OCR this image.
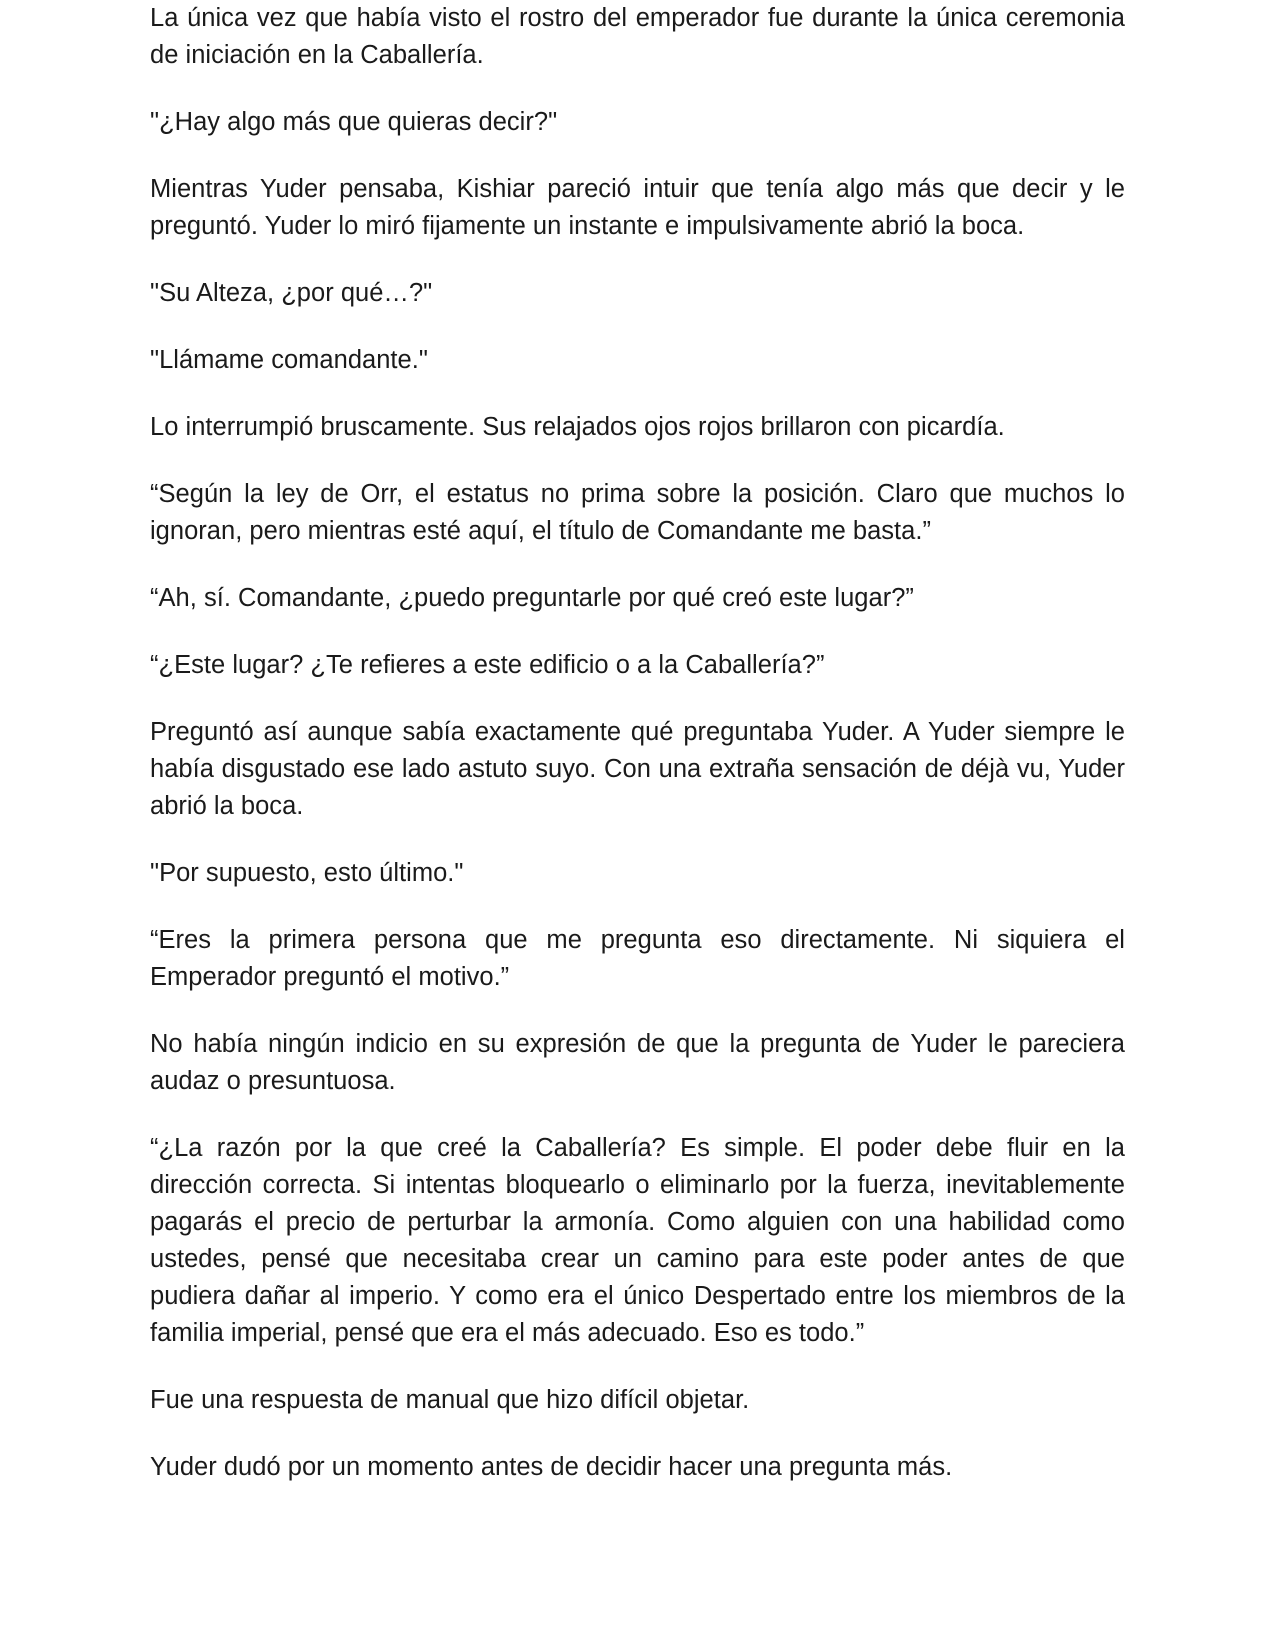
La única vez que había visto el rostro del emperador fue durante la única ceremonia de iniciación en la Caballería.

"¿Hay algo más que quieras decir?"

Mientras Yuder pensaba, Kishiar pareció intuir que tenía algo más que decir y le preguntó. Yuder lo miró fijamente un instante e impulsivamente abrió la boca.

"Su Alteza, ¿por qué…?"

"Llámame comandante."

Lo interrumpió bruscamente. Sus relajados ojos rojos brillaron con picardía.

“Según la ley de Orr, el estatus no prima sobre la posición. Claro que muchos lo ignoran, pero mientras esté aquí, el título de Comandante me basta.”

“Ah, sí. Comandante, ¿puedo preguntarle por qué creó este lugar?”

“¿Este lugar? ¿Te refieres a este edificio o a la Caballería?”

Preguntó así aunque sabía exactamente qué preguntaba Yuder. A Yuder siempre le había disgustado ese lado astuto suyo. Con una extraña sensación de déjà vu, Yuder abrió la boca.

"Por supuesto, esto último."

“Eres la primera persona que me pregunta eso directamente. Ni siquiera el Emperador preguntó el motivo.”

No había ningún indicio en su expresión de que la pregunta de Yuder le pareciera audaz o presuntuosa.

“¿La razón por la que creé la Caballería? Es simple. El poder debe fluir en la dirección correcta. Si intentas bloquearlo o eliminarlo por la fuerza, inevitablemente pagarás el precio de perturbar la armonía. Como alguien con una habilidad como ustedes, pensé que necesitaba crear un camino para este poder antes de que pudiera dañar al imperio. Y como era el único Despertado entre los miembros de la familia imperial, pensé que era el más adecuado. Eso es todo.”

Fue una respuesta de manual que hizo difícil objetar.

Yuder dudó por un momento antes de decidir hacer una pregunta más.
